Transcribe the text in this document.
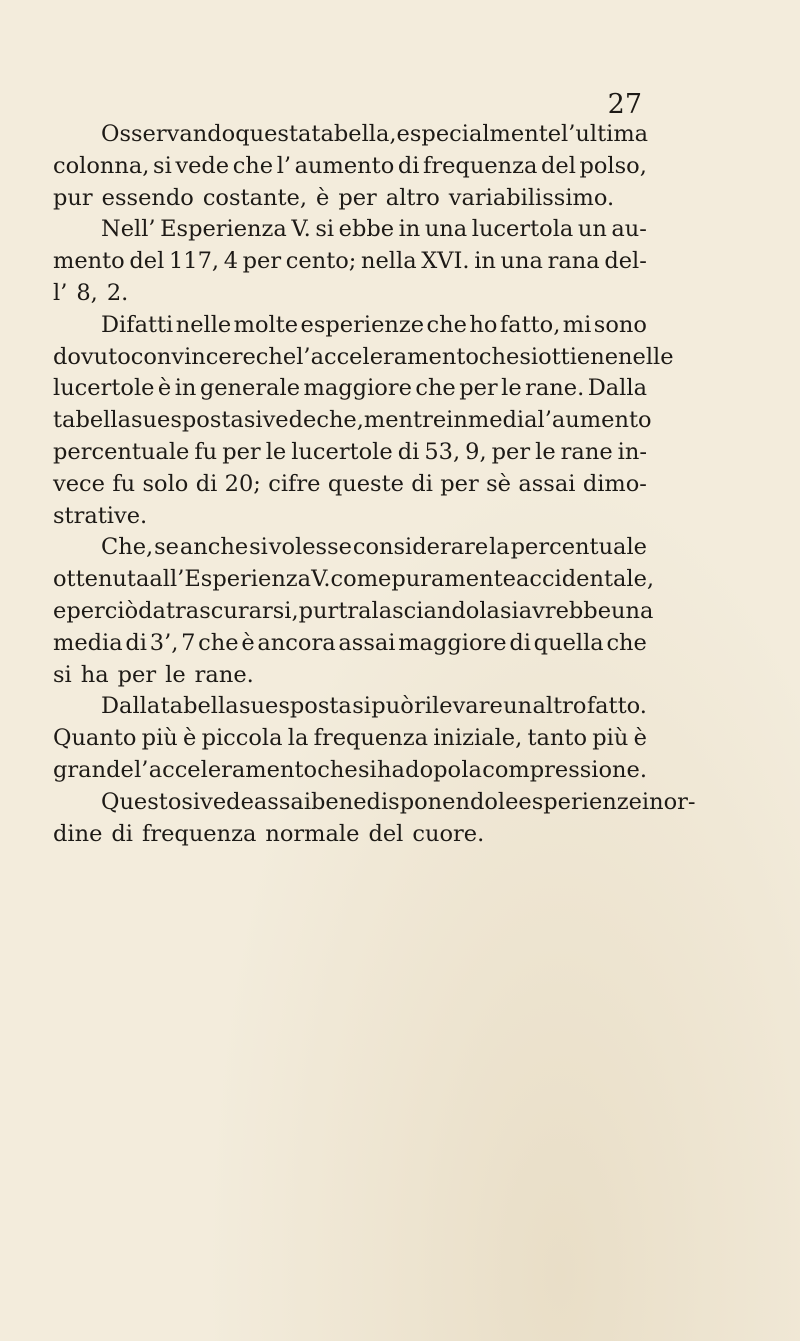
27
Osservando questa tabella, e specialmente l’ ultima
colonna, si vede che l’ aumento di frequenza del polso,
pur essendo costante, è per altro variabilissimo.
Nell’ Esperienza V. si ebbe in una lucertola un au-
mento del 117, 4 per cento; nella XVI. in una rana del-
l’ 8, 2.
Difatti nelle molte esperienze che ho fatto, mi sono
dovuto convincere che l’ acceleramento che si ottiene nelle
lucertole è in generale maggiore che per le rane. Dalla
tabella suesposta si vede che, mentre in media l’ aumento
percentuale fu per le lucertole di 53, 9, per le rane in-
vece fu solo di 20; cifre queste di per sè assai dimo-
strative.
Che, se anche si volesse considerare la percentuale
ottenuta all’ Esperienza V. come puramente accidentale,
e perciò da trascurarsi, pur tralasciandola si avrebbe una
media di 3’, 7 che è ancora assai maggiore di quella che
si ha per le rane.
Dalla tabella suesposta si può rilevare un altro fatto.
Quanto più è piccola la frequenza iniziale, tanto più è
grande l’ acceleramento che si ha dopo la compressione.
Questo si vede assai bene disponendo le esperienze in or-
dine di frequenza normale del cuore.
